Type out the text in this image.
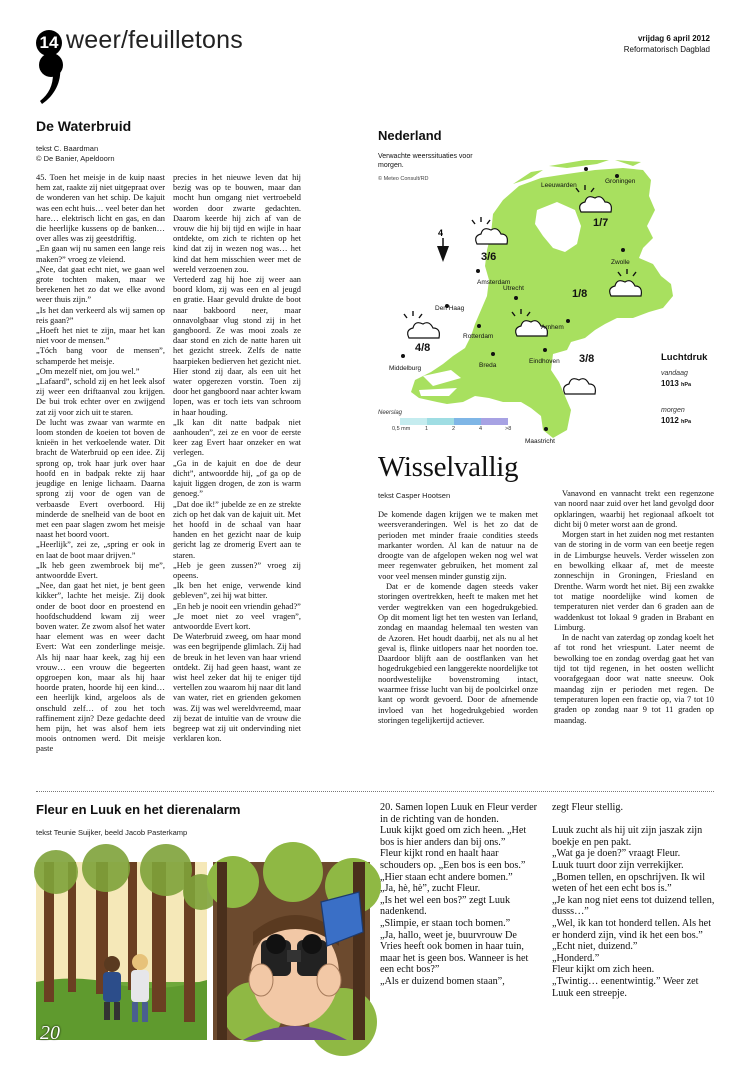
14 weer/feuilletons	vrijdag 6 april 2012
Reformatorisch Dagblad
De Waterbruid
tekst C. Baardman
© De Banier, Apeldoorn

45. Toen het meisje in de kuip naast hem zat, raakte zij niet uitgepraat over de wonderen van het schip. De kajuit was een echt huis… veel beter dan het hare… elektrisch licht en gas, en dan die heerlijke kussens op de banken… over alles was zij geestdriftig.

„En gaan wij nu samen een lange reis maken?” vroeg ze vleiend.

„Nee, dat gaat echt niet, we gaan wel grote tochten maken, maar we berekenen het zo dat we elke avond weer thuis zijn.”

„Is het dan verkeerd als wij samen op reis gaan?”

„Hoeft het niet te zijn, maar het kan niet voor de mensen.”

„Tóch bang voor de mensen”, schamperde het meisje.

„Om mezelf niet, om jou wel.”

„Lafaard”, schold zij en het leek alsof zij weer een driftaanval zou krijgen. De bui trok echter over en zwijgend zat zij voor zich uit te staren.

De lucht was zwaar van warmte en loom stonden de koeien tot boven de knieën in het verkoelende water. Dit bracht de Waterbruid op een idee. Zij sprong op, trok haar jurk over haar hoofd en in badpak rekte zij haar jeugdige en lenige lichaam. Daarna sprong zij voor de ogen van de verbaasde Evert overboord. Hij minderde de snelheid van de boot en met een paar slagen zwom het meisje naast het boord voort.

„Heerlijk”, zei ze, „spring er ook in en laat de boot maar drijven.”

„Ik heb geen zwembroek bij me”, antwoordde Evert.

„Nee, dan gaat het niet, je bent geen kikker”, lachte het meisje. Zij dook onder de boot door en proestend en hoofdschuddend kwam zij weer boven water. Ze zwom alsof het water haar element was en weer dacht Evert: Wat een zonderlinge meisje. Als hij naar haar keek, zag hij een vrouw… een vrouw die begeerten opgroepen kon, maar als hij haar hoorde praten, hoorde hij een kind… een heerlijk kind, argeloos als de onschuld zelf… of zou het toch raffinement zijn? Deze gedachte deed hem pijn, het was alsof hem iets moois ontnomen werd. Dit meisje paste

precies in het nieuwe leven dat hij bezig was op te bouwen, maar dan mocht hun omgang niet vertroebeld worden door zwarte gedachten. Daarom keerde hij zich af van de vrouw die hij bij tijd en wijle in haar ontdekte, om zich te richten op het kind dat zij in wezen nog was… het kind dat hem misschien weer met de wereld verzoenen zou.

Vertederd zag hij hoe zij weer aan boord klom, zij was een en al jeugd en gratie. Haar gevuld drukte de boot naar bakboord neer, maar onnavolgbaar vlug stond zij in het gangboord. Ze was mooi zoals ze daar stond en zich de natte haren uit het gezicht streek. Zelfs de natte haarpieken bedierven het gezicht niet. Hier stond zij daar, als een uit het water opgerezen vorstin. Toen zij door het gangboord naar achter kwam lopen, was er toch iets van schroom in haar houding.

„Ik kan dit natte badpak niet aanhouden”, zei ze en voor de eerste keer zag Evert haar onzeker en wat verlegen.

„Ga in de kajuit en doe de deur dicht”, antwoordde hij, „of ga op de kajuit liggen drogen, de zon is warm genoeg.”

„Dat doe ik!” jubelde ze en ze strekte zich op het dak van de kajuit uit. Met het hoofd in de schaal van haar handen en het gezicht naar de kuip gericht lag ze dromerig Evert aan te staren.

„Heb je geen zussen?” vroeg zij opeens.

„Ik ben het enige, verwende kind gebleven”, zei hij wat bitter.

„En heb je nooit een vriendin gehad?”

„Je moet niet zo veel vragen”, antwoordde Evert kort.

De Waterbruid zweeg, om haar mond was een begrijpende glimlach. Zij had de breuk in het leven van haar vriend ontdekt. Zij had geen haast, want ze wist heel zeker dat hij te eniger tijd vertellen zou waarom hij naar dit land van water, riet en grienden gekomen was. Zij was wel wereldvreemd, maar zij bezat de intuïtie van de vrouw die begreep wat zij uit ondervinding niet verklaren kon.

4
Leeuwarden
Groningen
Zwolle
Amsterdam
Den Haag
Utrecht
Rotterdam
Arnhem
Breda
Eindhoven
Middelburg
Maastricht
1/7
3/6
1/8
4/8
3/8
Nederland
Verwachte weerssituaties voor morgen.
© Meteo Consult/RD
Luchtdruk
vandaag
1013 hPa
morgen
1012 hPa
Neerslag
0,5 mm	1	2	4	>8
Wisselvallig
tekst Casper Hootsen

De komende dagen krijgen we te maken met weersveranderingen. Wel is het zo dat de perioden met minder fraaie condities steeds markanter worden. Al kan de natuur na de droogte van de afgelopen weken nog wel wat meer regenwater gebruiken, het moment zal voor veel mensen minder gunstig zijn.

Dat er de komende dagen steeds vaker storingen overtrekken, heeft te maken met het verder wegtrekken van een hogedrukgebied. Op dit moment ligt het ten westen van Ierland, zondag en maandag helemaal ten westen van de Azoren. Het houdt daarbij, net als nu al het geval is, flinke uitlopers naar het noorden toe. Daardoor blijft aan de oostflanken van het hogedrukgebied een langgerekte noordelijke tot noordwestelijke bovenstroming intact, waarmee frisse lucht van bij de poolcirkel onze kant op wordt gevoerd. Door de afnemende invloed van het hogedrukgebied worden storingen tegelijkertijd actiever.

Vanavond en vannacht trekt een regenzone van noord naar zuid over het land gevolgd door opklaringen, waarbij het regionaal afkoelt tot dicht bij 0 meter worst aan de grond.

Morgen start in het zuiden nog met restanten van de storing in de vorm van een beetje regen in de Limburgse heuvels. Verder wisselen zon en bewolking elkaar af, met de meeste zonneschijn in Groningen, Friesland en Drenthe. Warm wordt het niet. Bij een zwakke tot matige noordelijke wind komen de temperaturen niet verder dan 6 graden aan de waddenkust tot lokaal 9 graden in Brabant en Limburg.

In de nacht van zaterdag op zondag koelt het af tot rond het vriespunt. Later neemt de bewolking toe en zondag overdag gaat het van tijd tot tijd regenen, in het oosten wellicht voorafgegaan door wat natte sneeuw. Ook maandag zijn er perioden met regen. De temperaturen lopen een fractie op, via 7 tot 10 graden op zondag naar 9 tot 11 graden op maandag.

Fleur en Luuk en het dierenalarm
tekst Teunie Suijker, beeld Jacob Pasterkamp
20

20. Samen lopen Luuk en Fleur verder in de richting van de honden.

Luuk kijkt goed om zich heen. „Het bos is hier anders dan bij ons.”

Fleur kijkt rond en haalt haar schouders op. „Een bos is een bos.”

„Hier staan echt andere bomen.”

„Ja, hè, hè”, zucht Fleur.

„Is het wel een bos?” zegt Luuk nadenkend.

„Slimpie, er staan toch bomen.”

„Ja, hallo, weet je, buurvrouw De Vries heeft ook bomen in haar tuin, maar het is geen bos. Wanneer is het een echt bos?”

„Als er duizend bomen staan”,

zegt Fleur stellig.

Luuk zucht als hij uit zijn jaszak zijn boekje en pen pakt.

„Wat ga je doen?” vraagt Fleur.

Luuk tuurt door zijn verrekijker.

„Bomen tellen, en opschrijven. Ik wil weten of het een echt bos is.”

„Je kan nog niet eens tot duizend tellen, dusss…”

„Wel, ik kan tot honderd tellen. Als het er honderd zijn, vind ik het een bos.”

„Echt niet, duizend.”

„Honderd.”

Fleur kijkt om zich heen.

„Twintig… eenentwintig.” Weer zet Luuk een streepje.
